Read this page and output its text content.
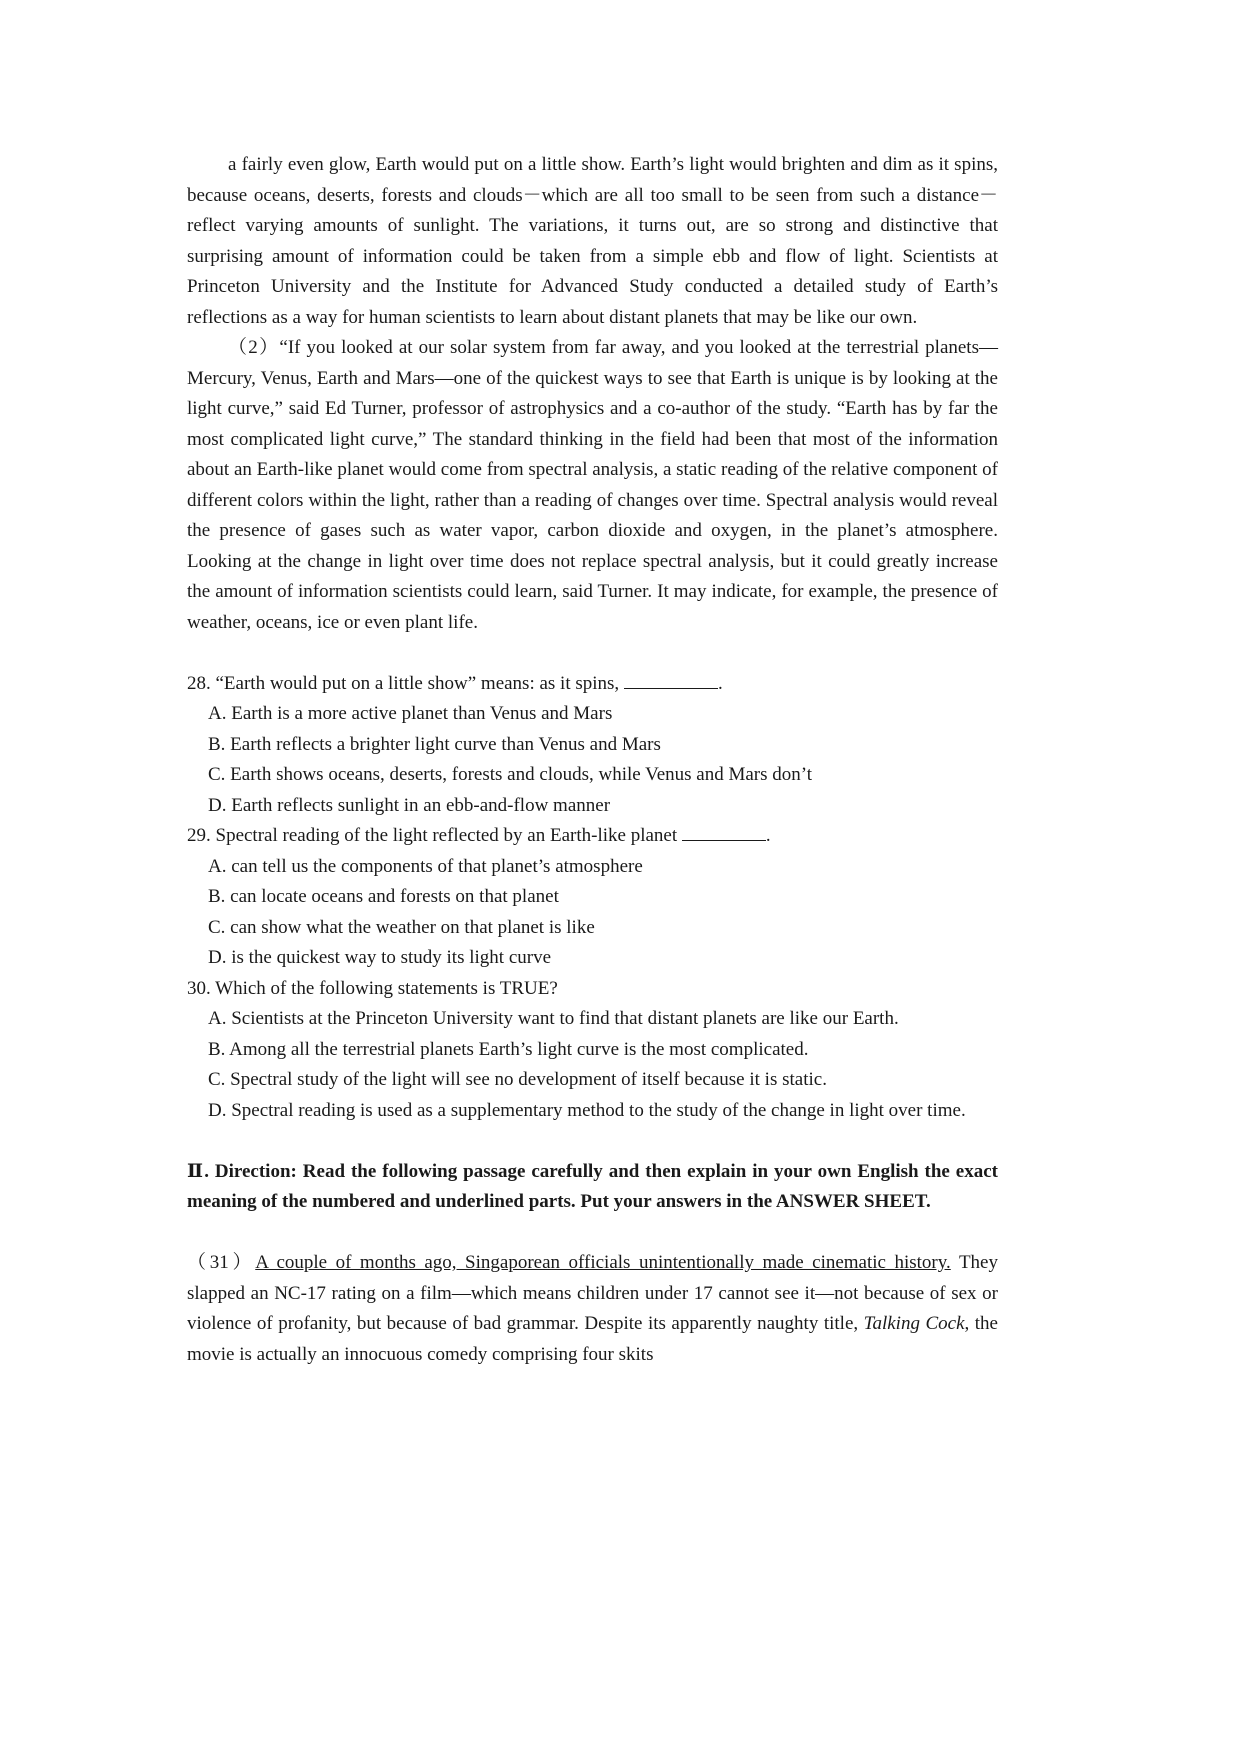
a fairly even glow, Earth would put on a little show. Earth’s light would brighten and dim as it spins, because oceans, deserts, forests and clouds－which are all too small to be seen from such a distance－reflect varying amounts of sunlight. The variations, it turns out, are so strong and distinctive that surprising amount of information could be taken from a simple ebb and flow of light. Scientists at Princeton University and the Institute for Advanced Study conducted a detailed study of Earth’s reflections as a way for human scientists to learn about distant planets that may be like our own.

（2）“If you looked at our solar system from far away, and you looked at the terrestrial planets—Mercury, Venus, Earth and Mars—one of the quickest ways to see that Earth is unique is by looking at the light curve,” said Ed Turner, professor of astrophysics and a co-author of the study. “Earth has by far the most complicated light curve,” The standard thinking in the field had been that most of the information about an Earth-like planet would come from spectral analysis, a static reading of the relative component of different colors within the light, rather than a reading of changes over time. Spectral analysis would reveal the presence of gases such as water vapor, carbon dioxide and oxygen, in the planet’s atmosphere. Looking at the change in light over time does not replace spectral analysis, but it could greatly increase the amount of information scientists could learn, said Turner. It may indicate, for example, the presence of weather, oceans, ice or even plant life.

28. “Earth would put on a little show” means: as it spins,	.

A. Earth is a more active planet than Venus and Mars

B. Earth reflects a brighter light curve than Venus and Mars

C. Earth shows oceans, deserts, forests and clouds, while Venus and Mars don’t

D. Earth reflects sunlight in an ebb-and-flow manner

29. Spectral reading of the light reflected by an Earth-like planet	.

A. can tell us the components of that planet’s atmosphere

B. can locate oceans and forests on that planet

C. can show what the weather on that planet is like

D. is the quickest way to study its light curve

30. Which of the following statements is TRUE?

A. Scientists at the Princeton University want to find that distant planets are like our Earth.

B. Among all the terrestrial planets Earth’s light curve is the most complicated.

C. Spectral study of the light will see no development of itself because it is static.

D. Spectral reading is used as a supplementary method to the study of the change in light over time.

Ⅱ. Direction: Read the following passage carefully and then explain in your own English the exact meaning of the numbered and underlined parts. Put your answers in the ANSWER SHEET.

（31）A couple of months ago, Singaporean officials unintentionally made cinematic history. They slapped an NC-17 rating on a film—which means children under 17 cannot see it—not because of sex or violence of profanity, but because of bad grammar. Despite its apparently naughty title, Talking Cock, the movie is actually an innocuous comedy comprising four skits
